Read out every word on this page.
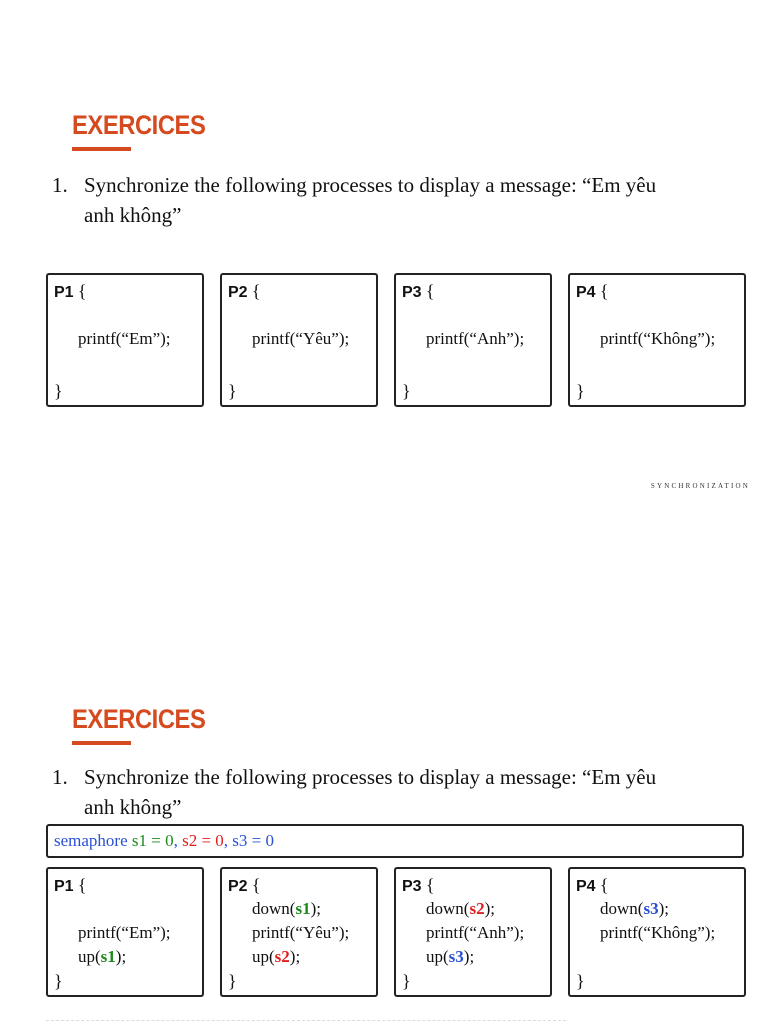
EXERCICES
1. Synchronize the following processes to display a message: “Em yêu
anh không”
P1 {
printf(“Em”);
}
P2 {
printf(“Yêu”);
}
P3 {
printf(“Anh”);
}
P4 {
printf(“Không”);
}
SYNCHRONIZATION
EXERCICES
1. Synchronize the following processes to display a message: “Em yêu
anh không”
semaphore s1 = 0, s2 = 0, s3 = 0
P1 {
printf(“Em”);
up(s1);
}
P2 {
down(s1);
printf(“Yêu”);
up(s2);
}
P3 {
down(s2);
printf(“Anh”);
up(s3);
}
P4 {
down(s3);
printf(“Không”);
}
